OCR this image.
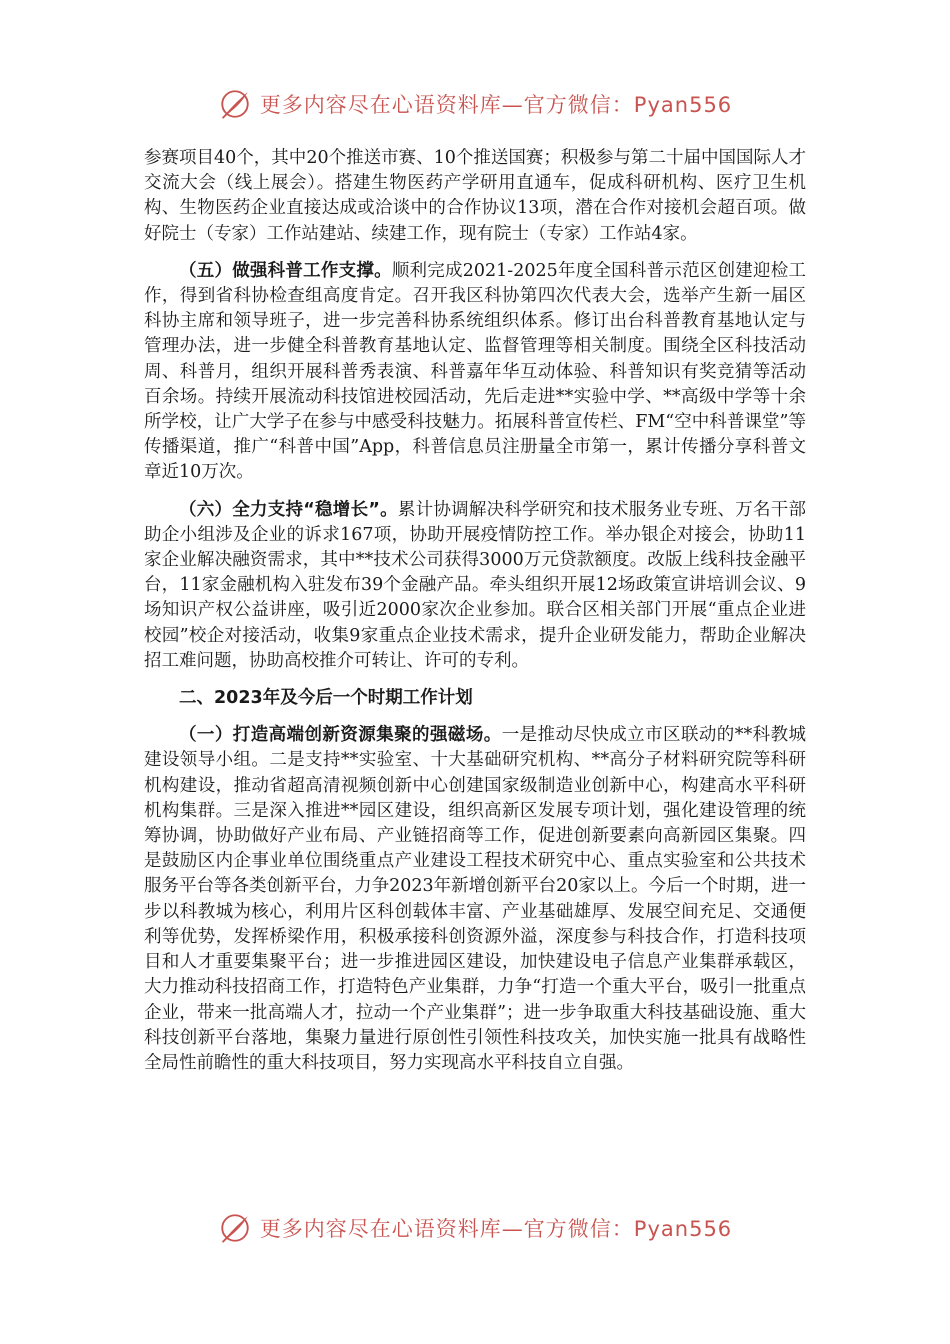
更多内容尽在心语资料库—官方微信：Pyan556

参赛项目40个，其中20个推送市赛、10个推送国赛；积极参与第二十届中国国际人才交流大会（线上展会）。搭建生物医药产学研用直通车，促成科研机构、医疗卫生机构、生物医药企业直接达成或洽谈中的合作协议13项，潜在合作对接机会超百项。做好院士（专家）工作站建站、续建工作，现有院士（专家）工作站4家。

（五）做强科普工作支撑。顺利完成2021-2025年度全国科普示范区创建迎检工作，得到省科协检查组高度肯定。召开我区科协第四次代表大会，选举产生新一届区科协主席和领导班子，进一步完善科协系统组织体系。修订出台科普教育基地认定与管理办法，进一步健全科普教育基地认定、监督管理等相关制度。围绕全区科技活动周、科普月，组织开展科普秀表演、科普嘉年华互动体验、科普知识有奖竞猜等活动百余场。持续开展流动科技馆进校园活动，先后走进**实验中学、**高级中学等十余所学校，让广大学子在参与中感受科技魅力。拓展科普宣传栏、FM“空中科普课堂”等传播渠道，推广“科普中国”App，科普信息员注册量全市第一，累计传播分享科普文章近10万次。

（六）全力支持“稳增长”。累计协调解决科学研究和技术服务业专班、万名干部助企小组涉及企业的诉求167项，协助开展疫情防控工作。举办银企对接会，协助11家企业解决融资需求，其中**技术公司获得3000万元贷款额度。改版上线科技金融平台，11家金融机构入驻发布39个金融产品。牵头组织开展12场政策宣讲培训会议、9场知识产权公益讲座，吸引近2000家次企业参加。联合区相关部门开展“重点企业进校园”校企对接活动，收集9家重点企业技术需求，提升企业研发能力，帮助企业解决招工难问题，协助高校推介可转让、许可的专利。

二、2023年及今后一个时期工作计划

（一）打造高端创新资源集聚的强磁场。一是推动尽快成立市区联动的**科教城建设领导小组。二是支持**实验室、十大基础研究机构、**高分子材料研究院等科研机构建设，推动省超高清视频创新中心创建国家级制造业创新中心，构建高水平科研机构集群。三是深入推进**园区建设，组织高新区发展专项计划，强化建设管理的统筹协调，协助做好产业布局、产业链招商等工作，促进创新要素向高新园区集聚。四是鼓励区内企事业单位围绕重点产业建设工程技术研究中心、重点实验室和公共技术服务平台等各类创新平台，力争2023年新增创新平台20家以上。今后一个时期，进一步以科教城为核心，利用片区科创载体丰富、产业基础雄厚、发展空间充足、交通便利等优势，发挥桥梁作用，积极承接科创资源外溢，深度参与科技合作，打造科技项目和人才重要集聚平台；进一步推进园区建设，加快建设电子信息产业集群承载区，大力推动科技招商工作，打造特色产业集群，力争“打造一个重大平台，吸引一批重点企业，带来一批高端人才，拉动一个产业集群”；进一步争取重大科技基础设施、重大科技创新平台落地，集聚力量进行原创性引领性科技攻关，加快实施一批具有战略性全局性前瞻性的重大科技项目，努力实现高水平科技自立自强。

更多内容尽在心语资料库—官方微信：Pyan556
